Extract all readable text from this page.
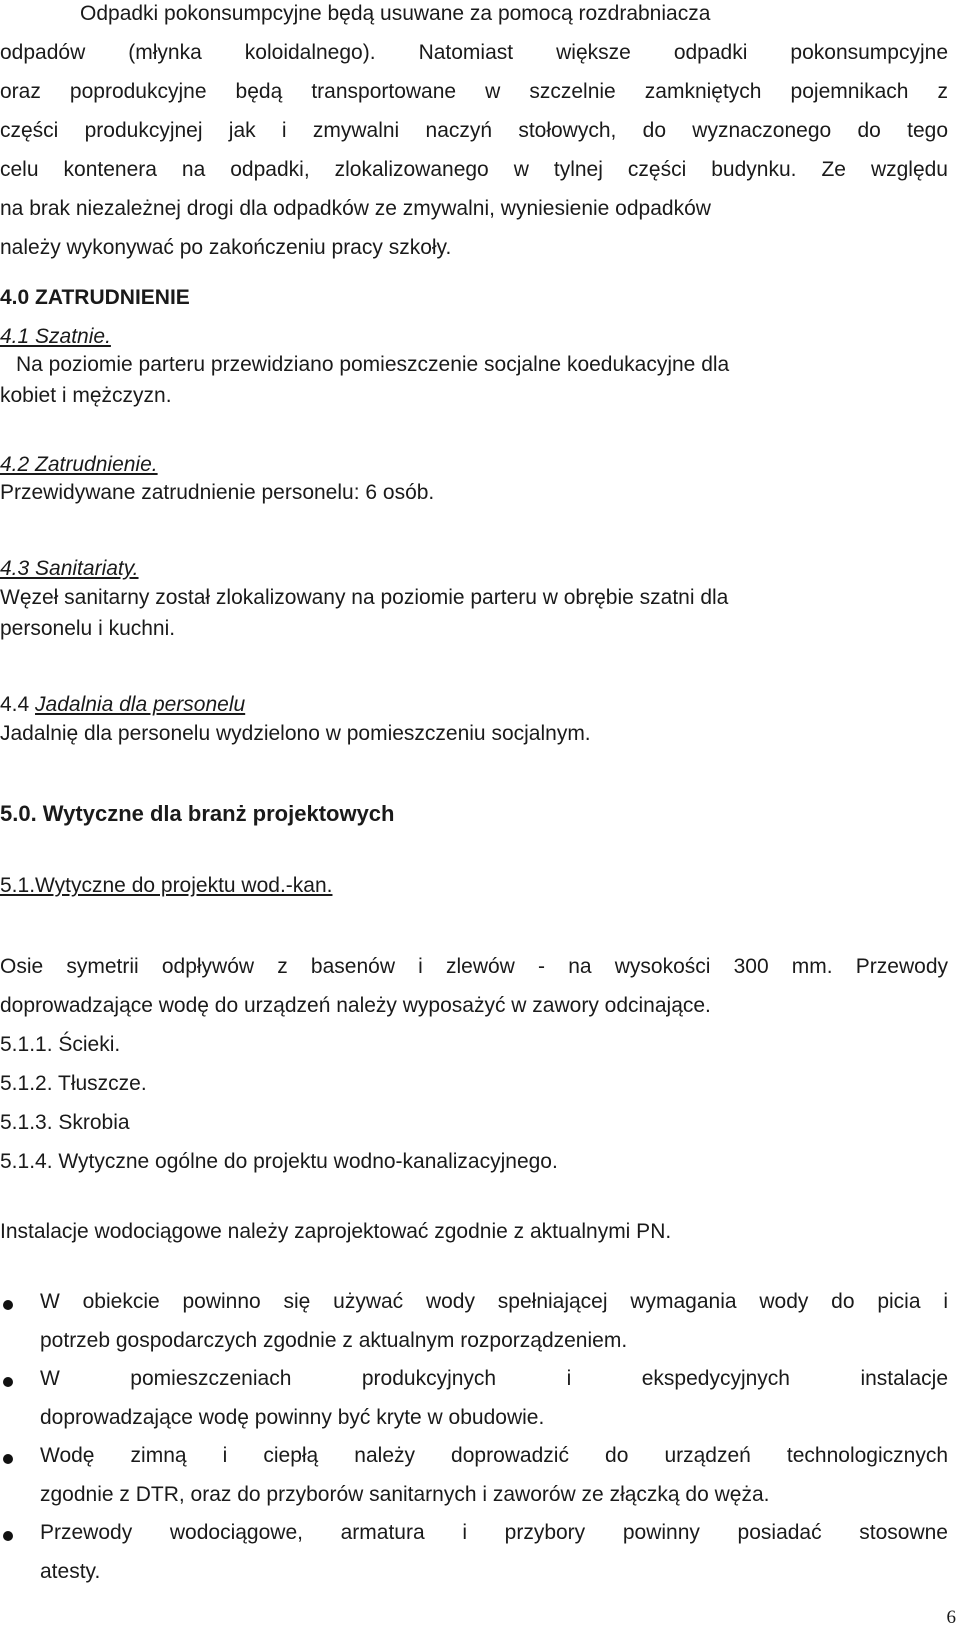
Odpadki pokonsumpcyjne będą usuwane za pomocą rozdrabniacza
odpadów (młynka koloidalnego). Natomiast większe odpadki pokonsumpcyjne
oraz poprodukcyjne będą transportowane w szczelnie zamkniętych pojemnikach z
części produkcyjnej jak i zmywalni naczyń stołowych, do wyznaczonego do tego
celu kontenera na odpadki, zlokalizowanego w tylnej części budynku. Ze względu
na brak niezależnej drogi dla odpadków ze zmywalni, wyniesienie odpadków
należy wykonywać po zakończeniu pracy szkoły.
4.0 ZATRUDNIENIE
4.1 Szatnie.
Na poziomie parteru przewidziano pomieszczenie socjalne koedukacyjne dla
kobiet i mężczyzn.
4.2 Zatrudnienie.
Przewidywane zatrudnienie personelu: 6 osób.
4.3 Sanitariaty.
Węzeł sanitarny został zlokalizowany na poziomie parteru w obrębie szatni dla
personelu i kuchni.
4.4 Jadalnia dla personelu
Jadalnię dla personelu wydzielono w pomieszczeniu socjalnym.
5.0. Wytyczne dla branż projektowych
5.1.Wytyczne do projektu wod.-kan.
Osie symetrii odpływów z basenów i zlewów - na wysokości 300 mm. Przewody
doprowadzające wodę do urządzeń należy wyposażyć w zawory odcinające.
5.1.1. Ścieki.
5.1.2. Tłuszcze.
5.1.3. Skrobia
5.1.4. Wytyczne ogólne do projektu wodno-kanalizacyjnego.
Instalacje wodociągowe należy zaprojektować zgodnie z aktualnymi PN.
W obiekcie powinno się używać wody spełniającej wymagania wody do picia i
potrzeb gospodarczych zgodnie z aktualnym rozporządzeniem.
W pomieszczeniach produkcyjnych i ekspedycyjnych instalacje
doprowadzające wodę powinny być kryte w obudowie.
Wodę zimną i ciepłą należy doprowadzić do urządzeń technologicznych
zgodnie z DTR, oraz do przyborów sanitarnych i zaworów ze złączką do węża.
Przewody wodociągowe, armatura i przybory powinny posiadać stosowne
atesty.
6
